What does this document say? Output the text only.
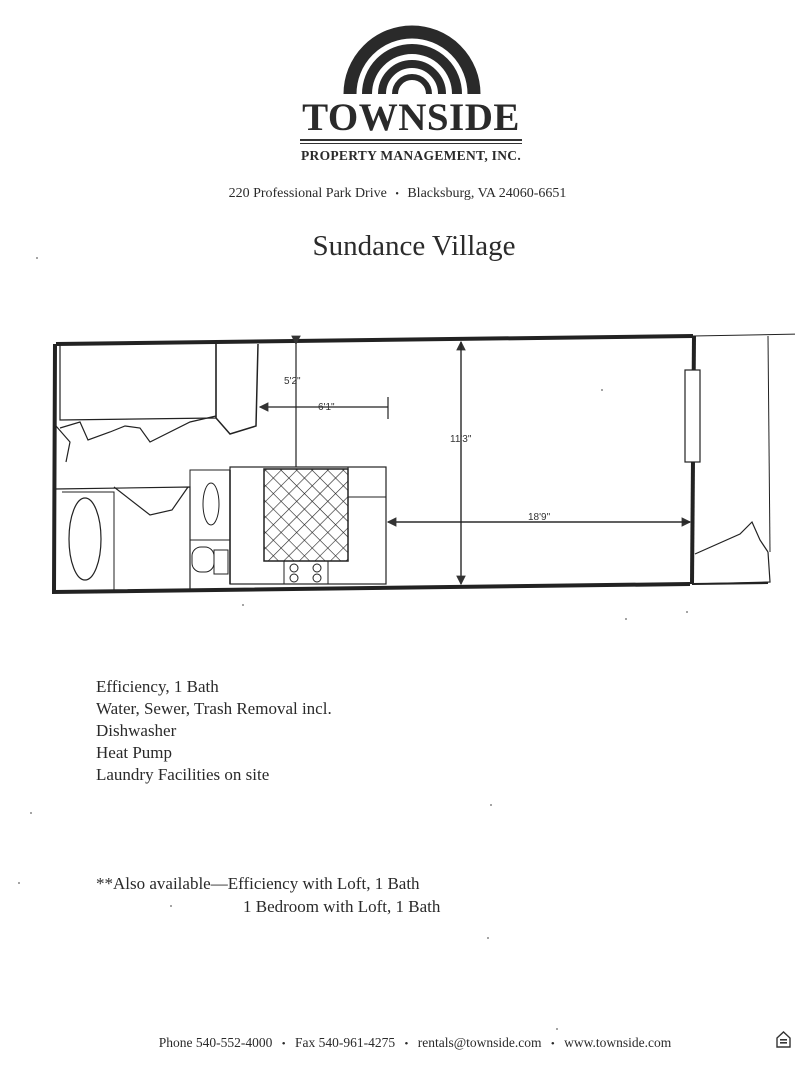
TOWNSIDE
PROPERTY MANAGEMENT, INC.
220 Professional Park Drive • Blacksburg, VA 24060-6651
Sundance Village
5'2"
6'1"
11'3"
18'9"
Efficiency, 1 Bath
Water, Sewer, Trash Removal incl.
Dishwasher
Heat Pump
Laundry Facilities on site
**Also available—Efficiency with Loft, 1 Bath
1 Bedroom with Loft, 1 Bath
Phone 540-552-4000 • Fax 540-961-4275 • rentals@townside.com • www.townside.com
